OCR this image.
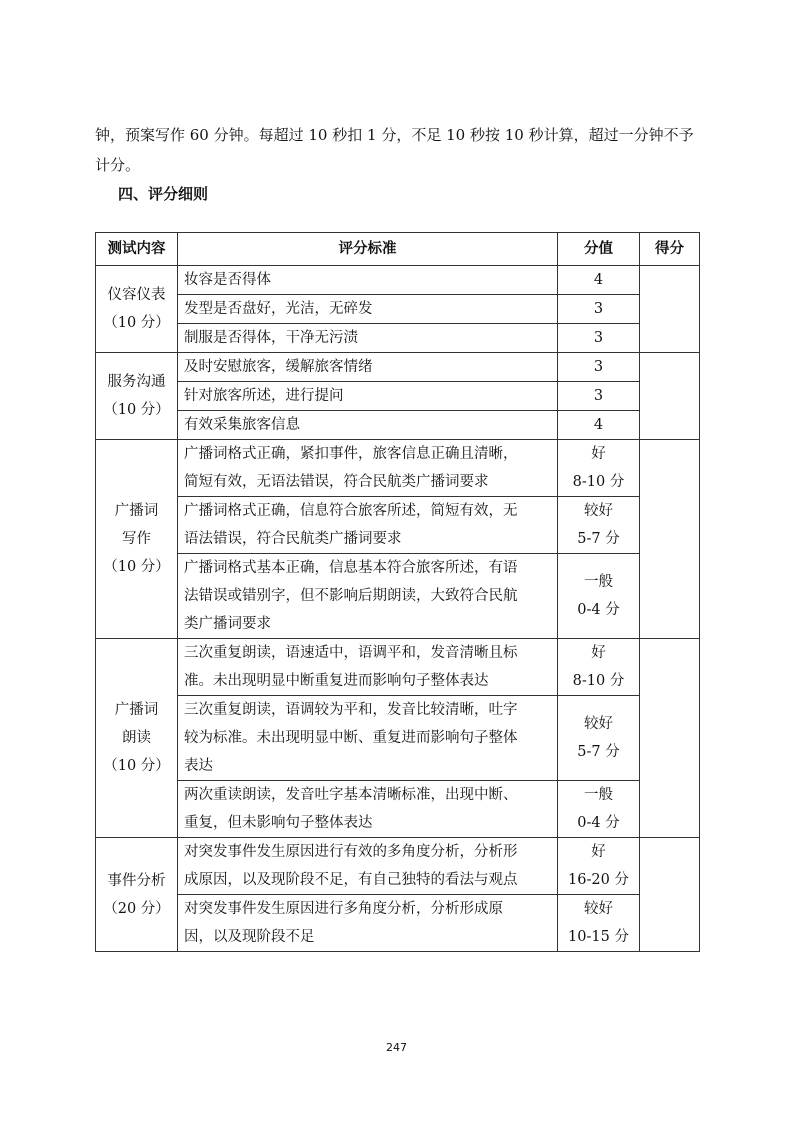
钟，预案写作 60 分钟。每超过 10 秒扣 1 分，不足 10 秒按 10 秒计算，超过一分钟不予
计分。
四、评分细则
测试内容	评分标准	分值	得分

仪容仪表
（10 分）	妆容是否得体	4	

	发型是否盘好，光洁，无碎发	3	

	制服是否得体，干净无污渍	3	

服务沟通
（10 分）	及时安慰旅客，缓解旅客情绪	3	

	针对旅客所述，进行提问	3	

	有效采集旅客信息	4	

广播词
写作
（10 分）	广播词格式正确，紧扣事件，旅客信息正确且清晰，
简短有效，无语法错误，符合民航类广播词要求	好
8-10 分	

	广播词格式正确，信息符合旅客所述，简短有效，无
语法错误，符合民航类广播词要求	较好
5-7 分	

	广播词格式基本正确，信息基本符合旅客所述，有语
法错误或错别字，但不影响后期朗读，大致符合民航
类广播词要求	一般
0-4 分	

广播词
朗读
（10 分）	三次重复朗读，语速适中，语调平和，发音清晰且标
准。未出现明显中断重复进而影响句子整体表达	好
8-10 分	

	三次重复朗读，语调较为平和，发音比较清晰，吐字
较为标准。未出现明显中断、重复进而影响句子整体
表达	较好
5-7 分	

	两次重读朗读，发音吐字基本清晰标准，出现中断、
重复，但未影响句子整体表达	一般
0-4 分	

事件分析
（20 分）	对突发事件发生原因进行有效的多角度分析，分析形
成原因，以及现阶段不足，有自己独特的看法与观点	好
16-20 分	

	对突发事件发生原因进行多角度分析，分析形成原
因，以及现阶段不足	较好
10-15 分	
247
